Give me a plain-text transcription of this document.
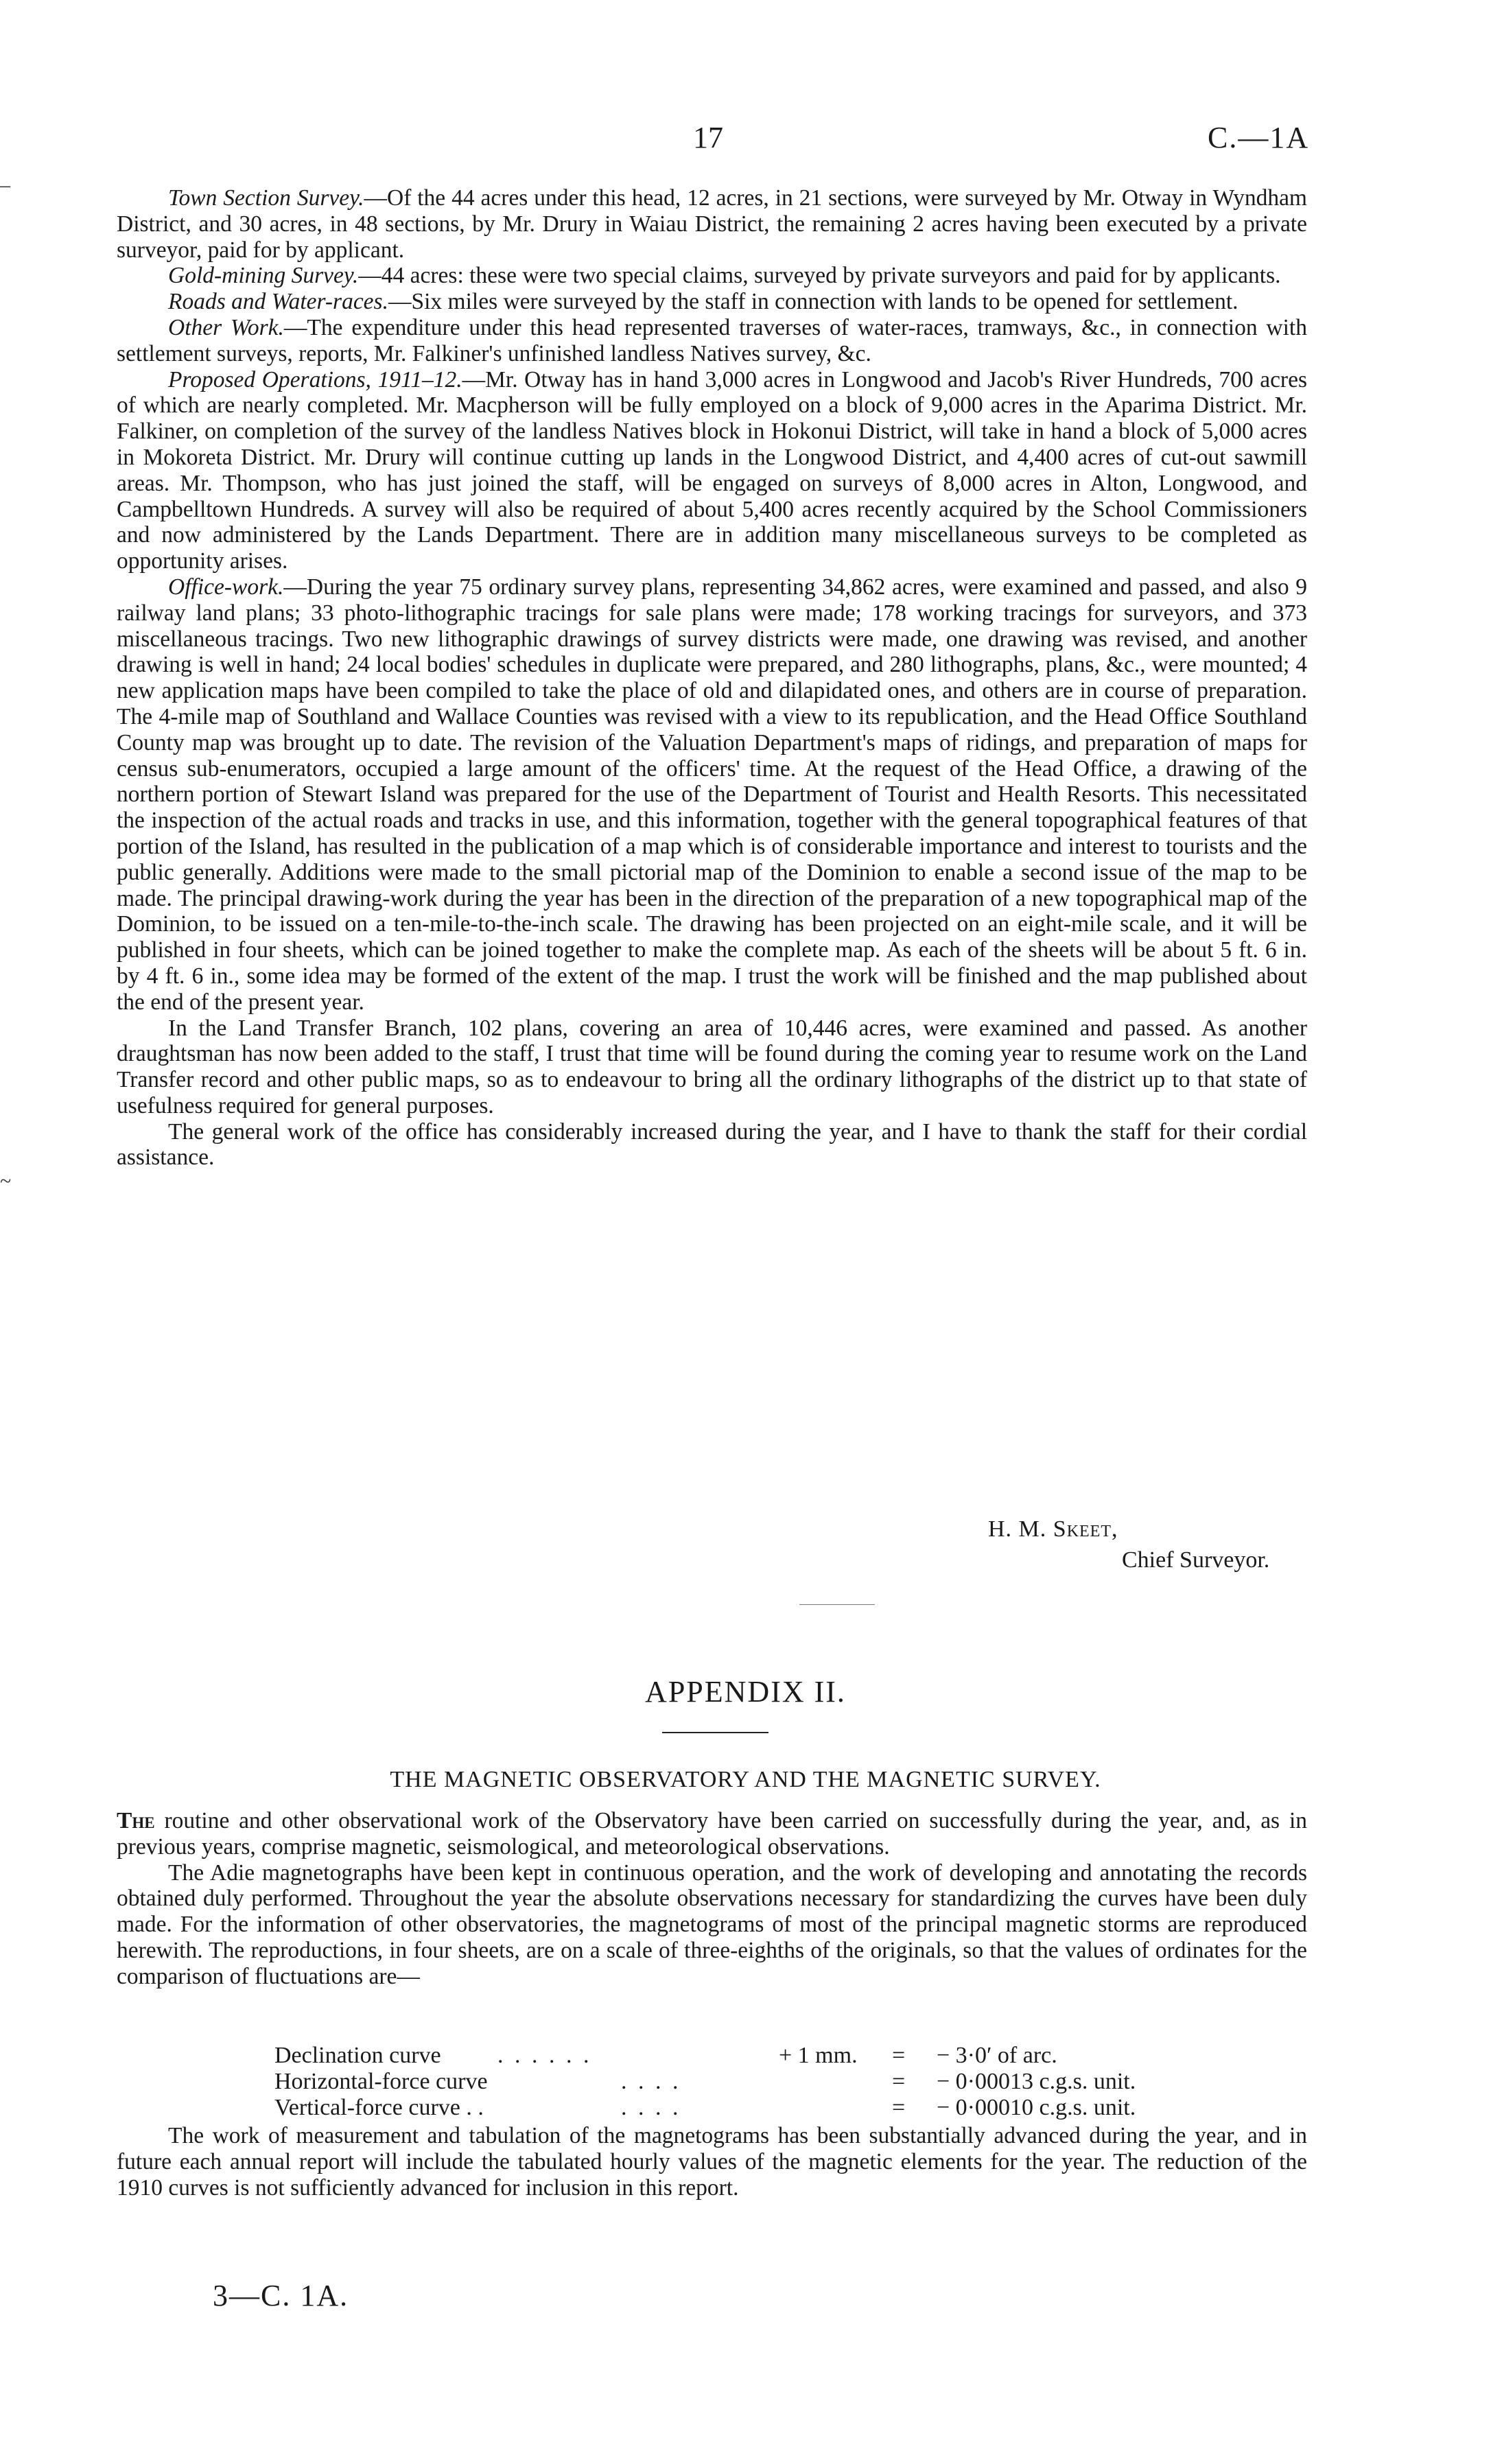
17	C.—1A
–
~

Town Section Survey.—Of the 44 acres under this head, 12 acres, in 21 sections, were surveyed by Mr. Otway in Wyndham District, and 30 acres, in 48 sections, by Mr. Drury in Waiau District, the remaining 2 acres having been executed by a private surveyor, paid for by applicant.

Gold-mining Survey.—44 acres: these were two special claims, surveyed by private surveyors and paid for by applicants.

Roads and Water-races.—Six miles were surveyed by the staff in connection with lands to be opened for settlement.

Other Work.—The expenditure under this head represented traverses of water-races, tramways, &c., in connection with settlement surveys, reports, Mr. Falkiner's unfinished landless Natives survey, &c.

Proposed Operations, 1911–12.—Mr. Otway has in hand 3,000 acres in Longwood and Jacob's River Hundreds, 700 acres of which are nearly completed. Mr. Macpherson will be fully employed on a block of 9,000 acres in the Aparima District. Mr. Falkiner, on completion of the survey of the landless Natives block in Hokonui District, will take in hand a block of 5,000 acres in Mokoreta District. Mr. Drury will continue cutting up lands in the Longwood District, and 4,400 acres of cut-out sawmill areas. Mr. Thompson, who has just joined the staff, will be engaged on surveys of 8,000 acres in Alton, Longwood, and Campbelltown Hundreds. A survey will also be required of about 5,400 acres recently acquired by the School Commissioners and now administered by the Lands Department. There are in addition many miscellaneous surveys to be completed as opportunity arises.

Office-work.—During the year 75 ordinary survey plans, representing 34,862 acres, were examined and passed, and also 9 railway land plans; 33 photo-lithographic tracings for sale plans were made; 178 working tracings for surveyors, and 373 miscellaneous tracings. Two new lithographic drawings of survey districts were made, one drawing was revised, and another drawing is well in hand; 24 local bodies' schedules in duplicate were prepared, and 280 lithographs, plans, &c., were mounted; 4 new application maps have been compiled to take the place of old and dilapidated ones, and others are in course of preparation. The 4-mile map of Southland and Wallace Counties was revised with a view to its republication, and the Head Office Southland County map was brought up to date. The revision of the Valuation Department's maps of ridings, and preparation of maps for census sub-enumerators, occupied a large amount of the officers' time. At the request of the Head Office, a drawing of the northern portion of Stewart Island was prepared for the use of the Department of Tourist and Health Resorts. This necessitated the inspection of the actual roads and tracks in use, and this information, together with the general topographical features of that portion of the Island, has resulted in the publication of a map which is of considerable importance and interest to tourists and the public generally. Additions were made to the small pictorial map of the Dominion to enable a second issue of the map to be made. The principal drawing-work during the year has been in the direction of the preparation of a new topographical map of the Dominion, to be issued on a ten-mile-to-the-inch scale. The drawing has been projected on an eight-mile scale, and it will be published in four sheets, which can be joined together to make the complete map. As each of the sheets will be about 5 ft. 6 in. by 4 ft. 6 in., some idea may be formed of the extent of the map. I trust the work will be finished and the map published about the end of the present year.

In the Land Transfer Branch, 102 plans, covering an area of 10,446 acres, were examined and passed. As another draughtsman has now been added to the staff, I trust that time will be found during the coming year to resume work on the Land Transfer record and other public maps, so as to endeavour to bring all the ordinary lithographs of the district up to that state of usefulness required for general purposes.

The general work of the office has considerably increased during the year, and I have to thank the staff for their cordial assistance.

H. M. Skeet,
Chief Surveyor.
APPENDIX II.
THE MAGNETIC OBSERVATORY AND THE MAGNETIC SURVEY.

The routine and other observational work of the Observatory have been carried on successfully during the year, and, as in previous years, comprise magnetic, seismological, and meteorological observations.

The Adie magnetographs have been kept in continuous operation, and the work of developing and annotating the records obtained duly performed. Throughout the year the absolute observations necessary for standardizing the curves have been duly made. For the information of other observatories, the magnetograms of most of the principal magnetic storms are reproduced herewith. The reproductions, in four sheets, are on a scale of three-eighths of the originals, so that the values of ordinates for the comparison of fluctuations are—

Declination curve . . . . . .	+ 1 mm. = − 3·0′ of arc.
Horizontal-force curve	. . . .	= − 0·00013 c.g.s. unit.
Vertical-force curve . .	. . . .	= − 0·00010 c.g.s. unit.

The work of measurement and tabulation of the magnetograms has been substantially advanced during the year, and in future each annual report will include the tabulated hourly values of the magnetic elements for the year. The reduction of the 1910 curves is not sufficiently advanced for inclusion in this report.

3—C. 1A.
